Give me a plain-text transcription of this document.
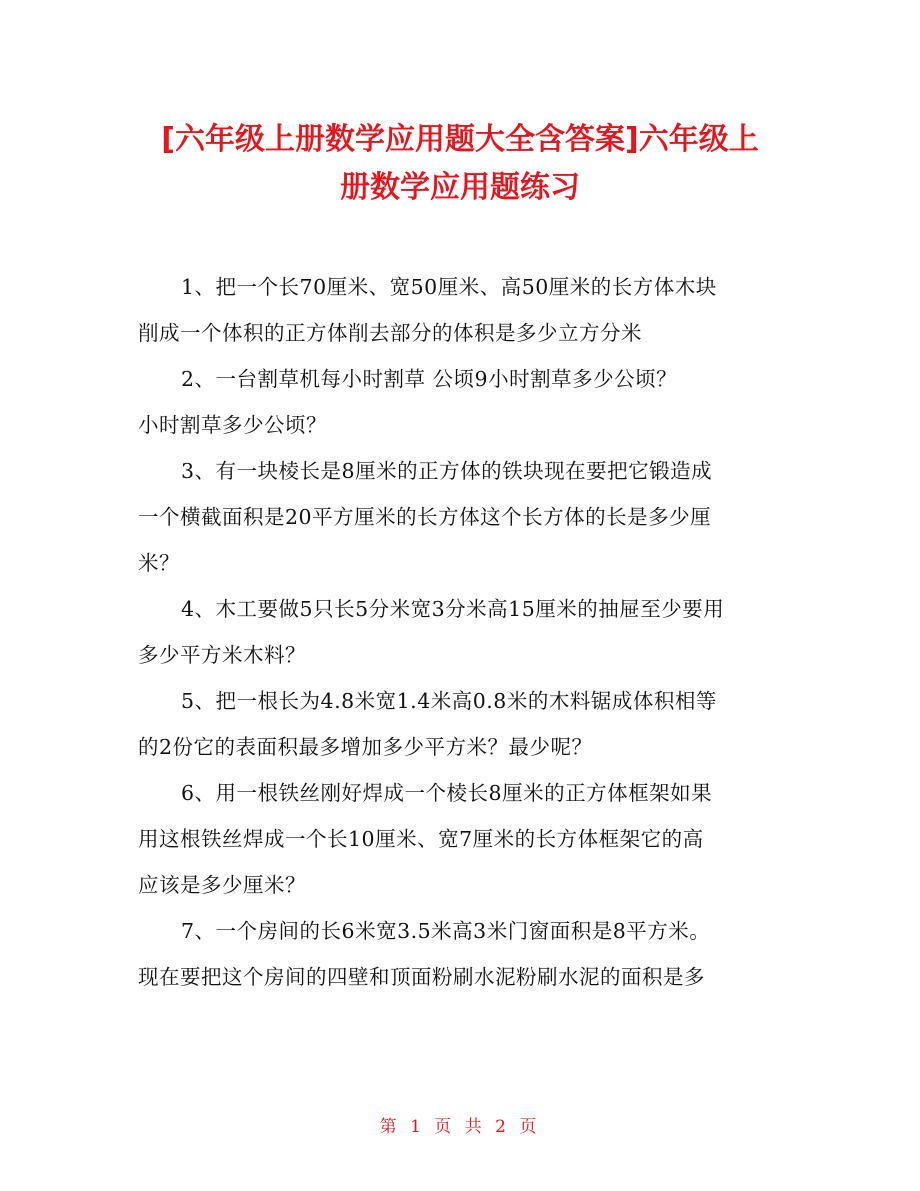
[六年级上册数学应用题大全含答案]六年级上
册数学应用题练习

1、把一个长70厘米、宽50厘米、高50厘米的长方体木块
削成一个体积的正方体削去部分的体积是多少立方分米

2、一台割草机每小时割草 公顷9小时割草多少公顷？
小时割草多少公顷？

3、有一块棱长是8厘米的正方体的铁块现在要把它锻造成
一个横截面积是20平方厘米的长方体这个长方体的长是多少厘
米？

4、木工要做5只长5分米宽3分米高15厘米的抽屉至少要用
多少平方米木料？

5、把一根长为4.8米宽1.4米高0.8米的木料锯成体积相等
的2份它的表面积最多增加多少平方米？最少呢？

6、用一根铁丝刚好焊成一个棱长8厘米的正方体框架如果
用这根铁丝焊成一个长10厘米、宽7厘米的长方体框架它的高
应该是多少厘米？

7、一个房间的长6米宽3.5米高3米门窗面积是8平方米。
现在要把这个房间的四壁和顶面粉刷水泥粉刷水泥的面积是多

第 1 页 共 2 页
